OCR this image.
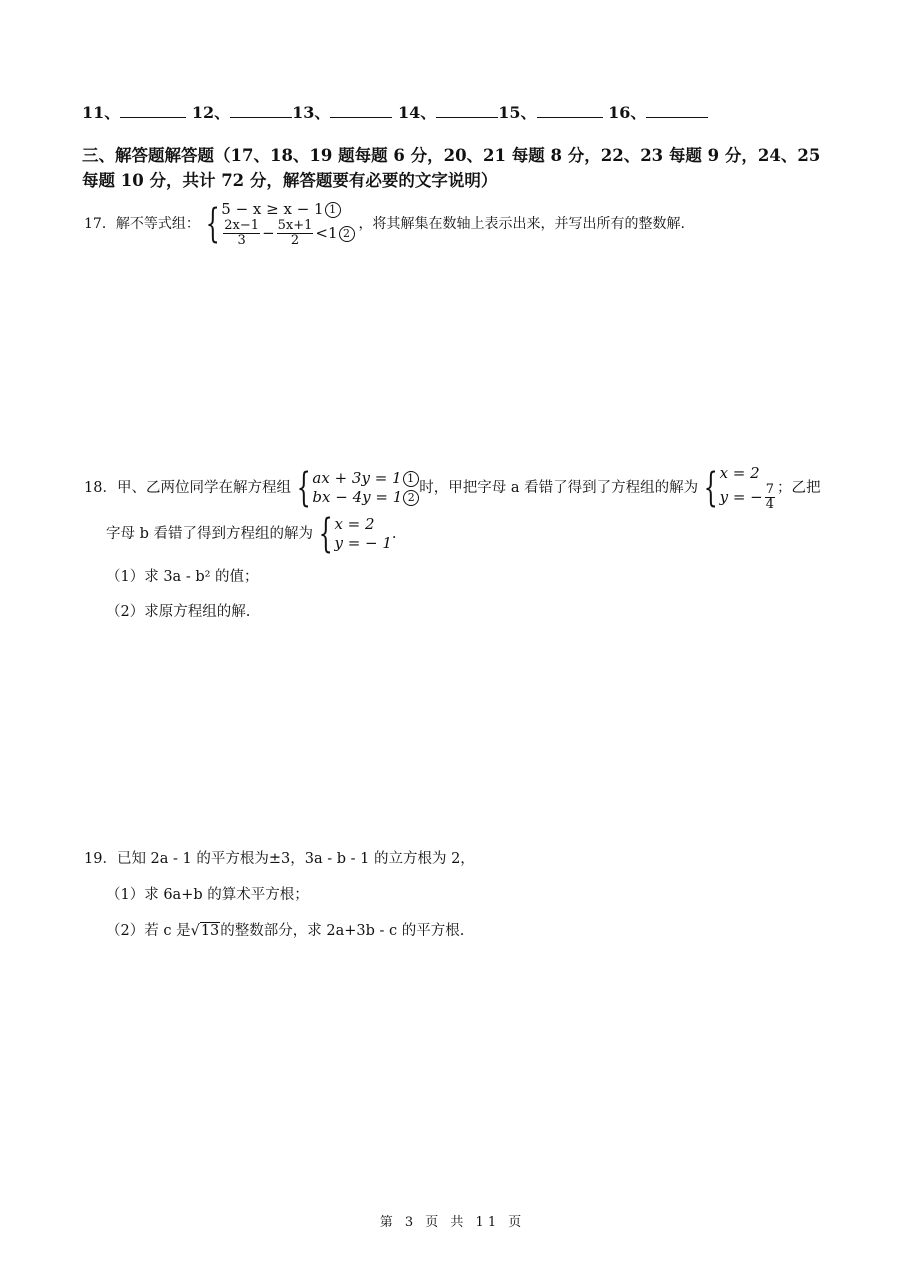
11、	12、	13、	14、	15、	16、
三、解答题解答题（17、18、19 题每题 6 分，20、21 每题 8 分，22、23 每题 9 分，24、25
每题 10 分，共计 72 分，解答题要有必要的文字说明）
17．解不等式组： { 5 − x ≥ x − 1 1
$\frac{2x-1}{3} - \frac{5x+1}{2} <1$ 2
，将其解集在数轴上表示出来，并写出所有的整数解.
18．甲、乙两位同学在解方程组 { ax + 3y = 1 1
bx − 4y = 1 2
时，甲把字母 a 看错了得到了方程组的解为 { x = 2
y = − $\frac{7}{4}$ ；乙把
字母 b 看错了得到方程组的解为 { x = 2
y = − 1 .
（1）求 3a ‑ b² 的值；
（2）求原方程组的解.
19．已知 2a ‑ 1 的平方根为±3，3a ‑ b ‑ 1 的立方根为 2，
（1）求 6a+b 的算术平方根；
（2）若 c 是√13的整数部分，求 2a+3b ‑ c 的平方根.
第 3 页 共 11 页
